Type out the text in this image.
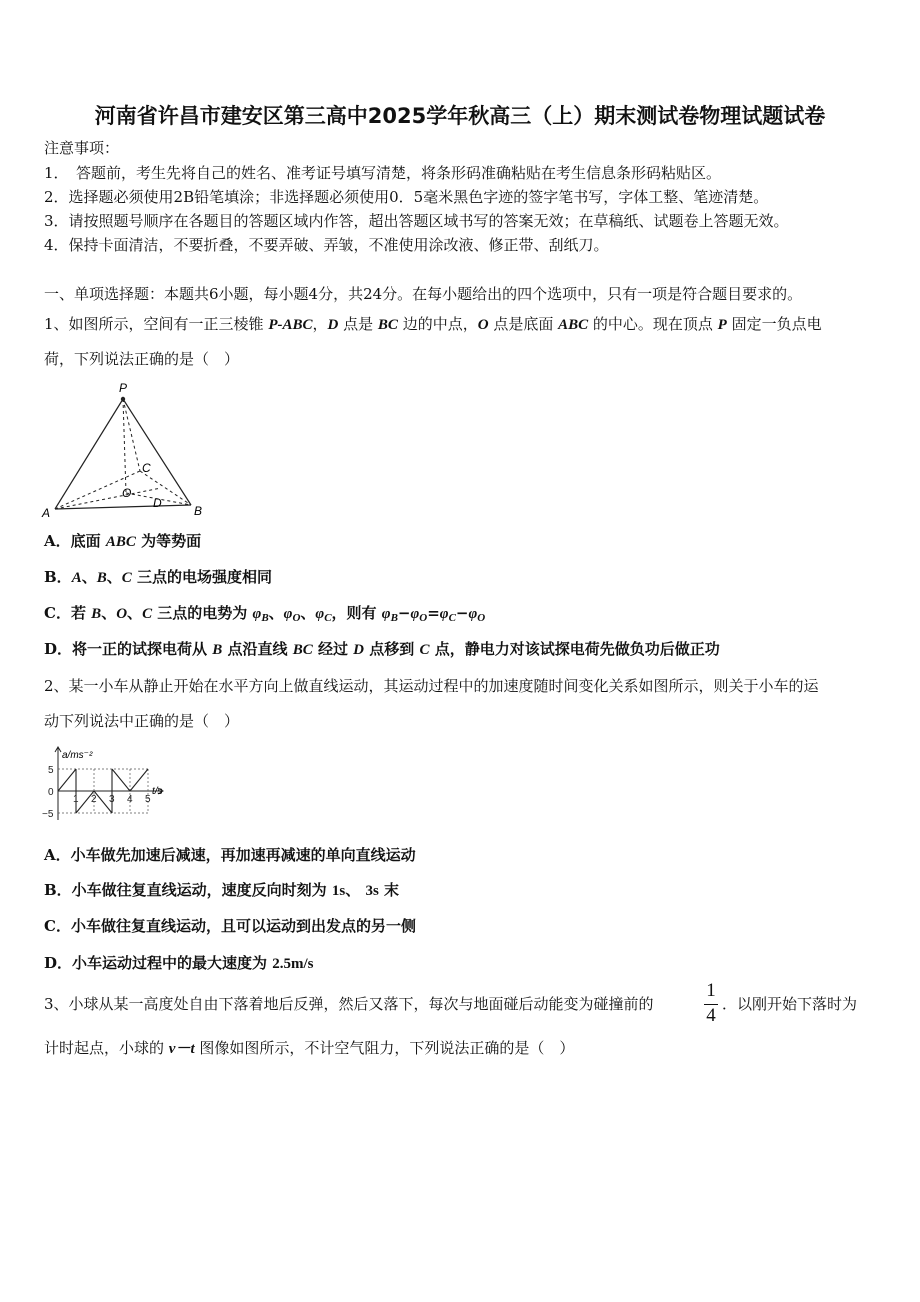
河南省许昌市建安区第三高中2025学年秋高三（上）期末测试卷物理试题试卷
注意事项：
1．　答题前，考生先将自己的姓名、准考证号填写清楚，将条形码准确粘贴在考生信息条形码粘贴区。
2．选择题必须使用2B铅笔填涂；非选择题必须使用0．5毫米黑色字迹的签字笔书写，字体工整、笔迹清楚。
3．请按照题号顺序在各题目的答题区域内作答，超出答题区域书写的答案无效；在草稿纸、试题卷上答题无效。
4．保持卡面清洁，不要折叠，不要弄破、弄皱，不准使用涂改液、修正带、刮纸刀。
一、单项选择题：本题共6小题，每小题4分，共24分。在每小题给出的四个选项中，只有一项是符合题目要求的。
1、如图所示，空间有一正三棱锥 P-ABC，D 点是 BC 边的中点，O 点是底面 ABC 的中心。现在顶点 P 固定一负点电
荷，下列说法正确的是（　）
P
A	B
C
O
D
A．底面 ABC 为等势面
B．A、B、C 三点的电场强度相同
C．若 B、O、C 三点的电势为 $\varphi_B$、$\varphi_O$、$\varphi_C$，则有 $\varphi_B-\varphi_O=\varphi_C-\varphi_O$
D．将一正的试探电荷从 B 点沿直线 BC 经过 D 点移到 C 点，静电力对该试探电荷先做负功后做正功
2、某一小车从静止开始在水平方向上做直线运动，其运动过程中的加速度随时间变化关系如图所示，则关于小车的运
动下列说法中正确的是（　）
1 2 3 4 5
5
0
−5
a/ms⁻²
t/s
A．小车做先加速后减速，再加速再减速的单向直线运动
B．小车做往复直线运动，速度反向时刻为 1s、 3s 末
C．小车做往复直线运动，且可以运动到出发点的另一侧
D．小车运动过程中的最大速度为 2.5m/s
3、小球从某一高度处自由下落着地后反弹，然后又落下，每次与地面碰后动能变为碰撞前的
1
4
．以刚开始下落时为
计时起点，小球的 v－t 图像如图所示，不计空气阻力，下列说法正确的是（　）
